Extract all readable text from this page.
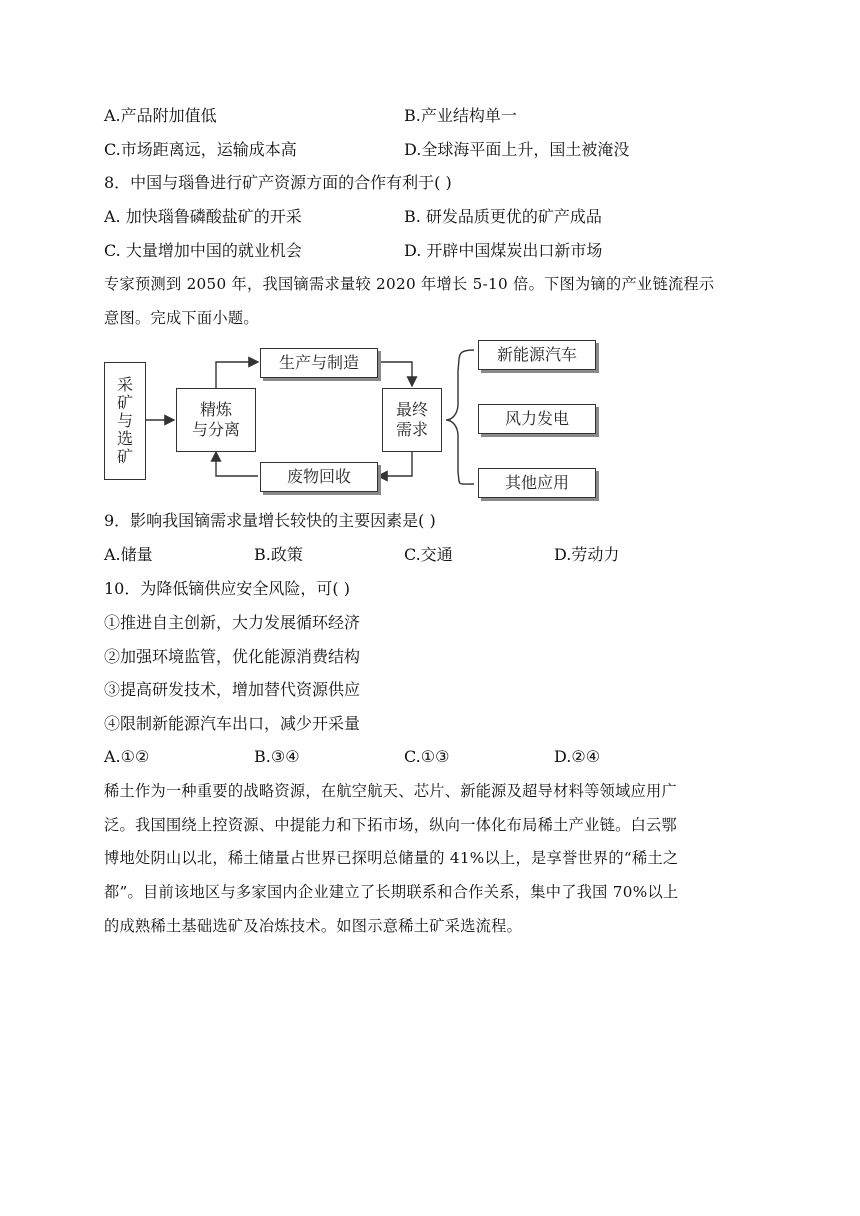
A.产品附加值低	B.产业结构单一
C.市场距离远，运输成本高	D.全球海平面上升，国土被淹没
8．中国与瑙鲁进行矿产资源方面的合作有利于( )
A. 加快瑙鲁磷酸盐矿的开采	B. 研发品质更优的矿产成品
C. 大量增加中国的就业机会	D. 开辟中国煤炭出口新市场
专家预测到 2050 年，我国镝需求量较 2020 年增长 5-10 倍。下图为镝的产业链流程示
意图。完成下面小题。
采矿与选矿
精炼
与分离
生产与制造
最终
需求
废物回收
新能源汽车
风力发电
其他应用
9．影响我国镝需求量增长较快的主要因素是( )
A.储量	B.政策	C.交通	D.劳动力
10．为降低镝供应安全风险，可( )
①推进自主创新，大力发展循环经济
②加强环境监管，优化能源消费结构
③提高研发技术，增加替代资源供应
④限制新能源汽车出口，减少开采量
A.①②	B.③④	C.①③	D.②④
稀土作为一种重要的战略资源，在航空航天、芯片、新能源及超导材料等领域应用广
泛。我国围绕上控资源、中提能力和下拓市场，纵向一体化布局稀土产业链。白云鄂
博地处阴山以北，稀土储量占世界已探明总储量的 41%以上，是享誉世界的“稀土之
都”。目前该地区与多家国内企业建立了长期联系和合作关系，集中了我国 70%以上
的成熟稀土基础选矿及冶炼技术。如图示意稀土矿采选流程。
